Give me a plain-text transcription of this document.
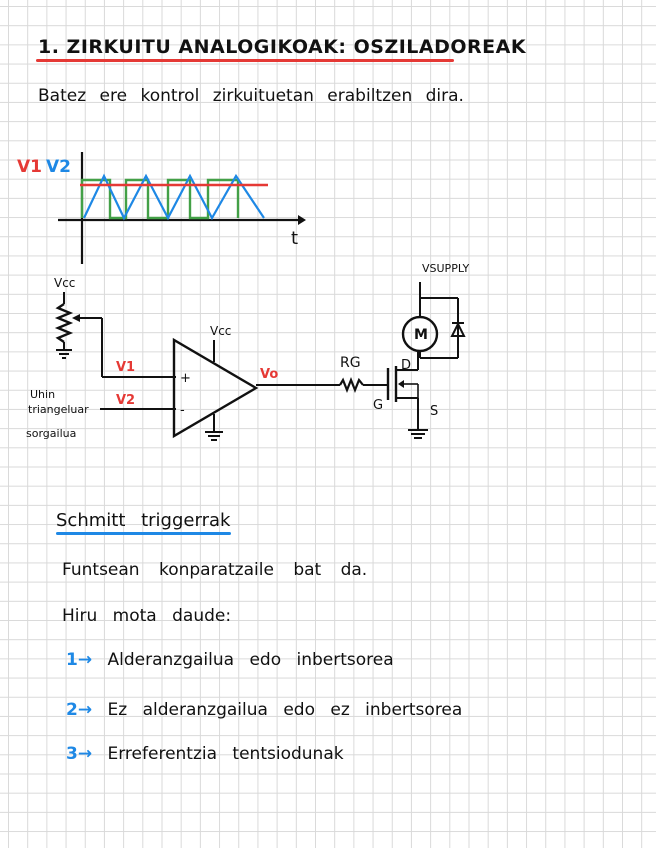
1. ZIRKUITU ANALOGIKOAK: OSZILADOREAK
Batez ere kontrol zirkuituetan erabiltzen dira.
V1 V2
t
Vcc
+
-
V1
V2
Vcc
Vo
Uhin
triangeluar
sorgailua
RG
G
D
S
VSUPPLY
M
Schmitt triggerrak
Funtsean konparatzaile bat da.
Hiru mota daude:
1→ Alderanzgailua edo inbertsorea
2→ Ez alderanzgailua edo ez inbertsorea
3→ Erreferentzia tentsiodunak
